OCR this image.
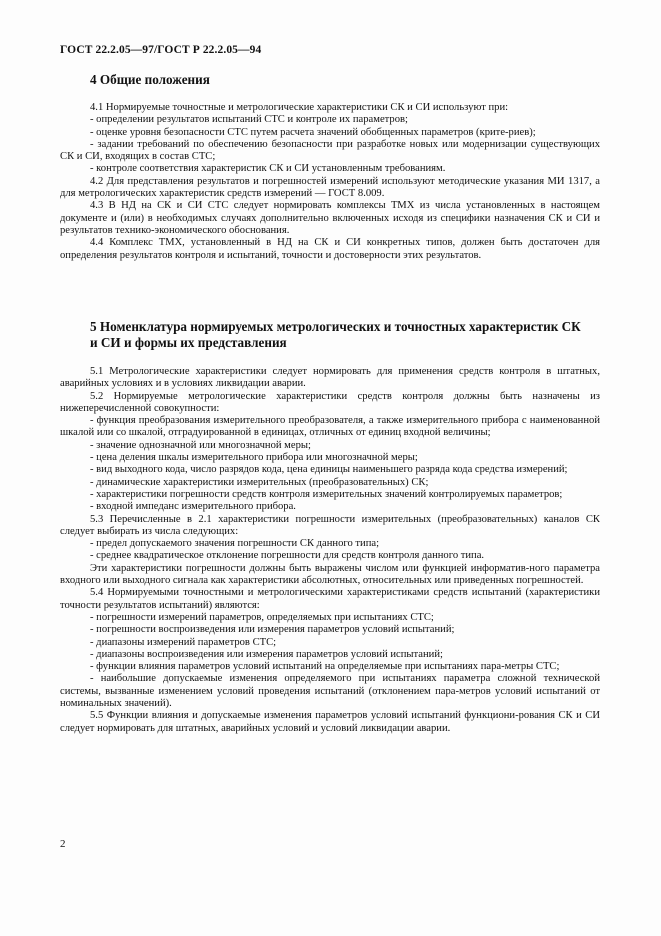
ГОСТ 22.2.05—97/ГОСТ Р 22.2.05—94
4 Общие положения

4.1 Нормируемые точностные и метрологические характеристики СК и СИ используют при:

- определении результатов испытаний СТС и контроле их параметров;

- оценке уровня безопасности СТС путем расчета значений обобщенных параметров (крите-риев);

- задании требований по обеспечению безопасности при разработке новых или модернизации существующих СК и СИ, входящих в состав СТС;

- контроле соответствия характеристик СК и СИ установленным требованиям.

4.2 Для представления результатов и погрешностей измерений используют методические указания МИ 1317, а для метрологических характеристик средств измерений — ГОСТ 8.009.

4.3 В НД на СК и СИ СТС следует нормировать комплексы ТМХ из числа установленных в настоящем документе и (или) в необходимых случаях дополнительно включенных исходя из специфики назначения СК и СИ и результатов технико-экономического обоснования.

4.4 Комплекс ТМХ, установленный в НД на СК и СИ конкретных типов, должен быть достаточен для определения результатов контроля и испытаний, точности и достоверности этих результатов.

5 Номенклатура нормируемых метрологических и точностных характеристик СК и СИ и формы их представления

5.1 Метрологические характеристики следует нормировать для применения средств контроля в штатных, аварийных условиях и в условиях ликвидации аварии.

5.2 Нормируемые метрологические характеристики средств контроля должны быть назначены из нижеперечисленной совокупности:

- функция преобразования измерительного преобразователя, а также измерительного прибора с наименованной шкалой или со шкалой, отградуированной в единицах, отличных от единиц входной величины;

- значение однозначной или многозначной меры;

- цена деления шкалы измерительного прибора или многозначной меры;

- вид выходного кода, число разрядов кода, цена единицы наименьшего разряда кода средства измерений;

- динамические характеристики измерительных (преобразовательных) СК;

- характеристики погрешности средств контроля измерительных значений контролируемых параметров;

- входной импеданс измерительного прибора.

5.3 Перечисленные в 2.1 характеристики погрешности измерительных (преобразовательных) каналов СК следует выбирать из числа следующих:

- предел допускаемого значения погрешности СК данного типа;

- среднее квадратическое отклонение погрешности для средств контроля данного типа.

Эти характеристики погрешности должны быть выражены числом или функцией информатив-ного параметра входного или выходного сигнала как характеристики абсолютных, относительных или приведенных погрешностей.

5.4 Нормируемыми точностными и метрологическими характеристиками средств испытаний (характеристики точности результатов испытаний) являются:

- погрешности измерений параметров, определяемых при испытаниях СТС;

- погрешности воспроизведения или измерения параметров условий испытаний;

- диапазоны измерений параметров СТС;

- диапазоны воспроизведения или измерения параметров условий испытаний;

- функции влияния параметров условий испытаний на определяемые при испытаниях пара-метры СТС;

- наибольшие допускаемые изменения определяемого при испытаниях параметра сложной технической системы, вызванные изменением условий проведения испытаний (отклонением пара-метров условий испытаний от номинальных значений).

5.5 Функции влияния и допускаемые изменения параметров условий испытаний функциони-рования СК и СИ следует нормировать для штатных, аварийных условий и условий ликвидации аварии.

2
